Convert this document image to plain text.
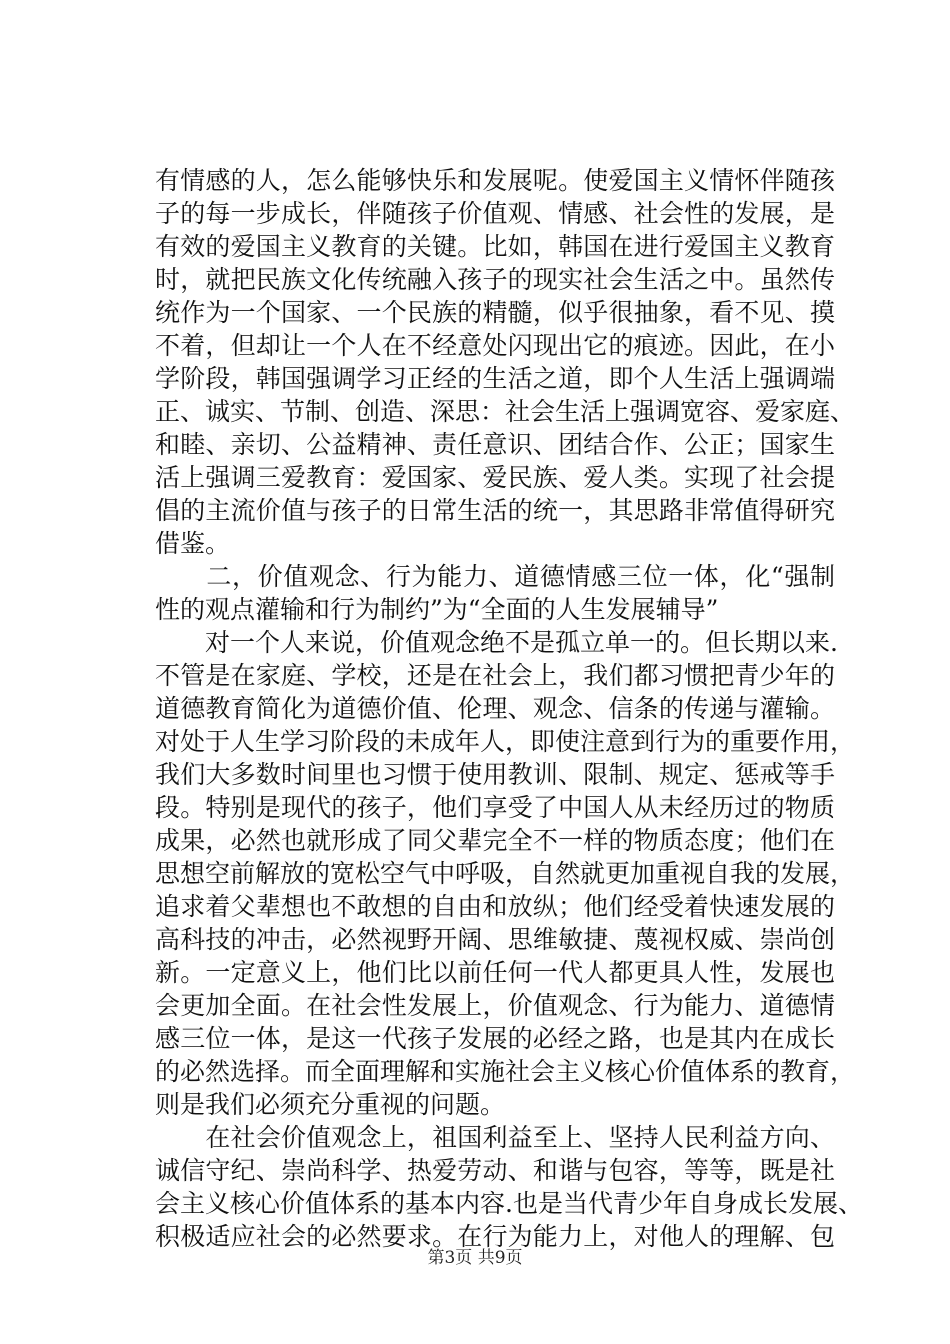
有情感的人，怎么能够快乐和发展呢。使爱国主义情怀伴随孩
子的每一步成长，伴随孩子价值观、情感、社会性的发展，是
有效的爱国主义教育的关键。比如，韩国在进行爱国主义教育
时，就把民族文化传统融入孩子的现实社会生活之中。虽然传
统作为一个国家、一个民族的精髓，似乎很抽象，看不见、摸
不着，但却让一个人在不经意处闪现出它的痕迹。因此，在小
学阶段，韩国强调学习正经的生活之道，即个人生活上强调端
正、诚实、节制、创造、深思：社会生活上强调宽容、爱家庭、
和睦、亲切、公益精神、责任意识、团结合作、公正；国家生
活上强调三爱教育：爱国家、爱民族、爱人类。实现了社会提
倡的主流价值与孩子的日常生活的统一，其思路非常值得研究
借鉴。
　　二，价值观念、行为能力、道德情感三位一体，化“强制
性的观点灌输和行为制约”为“全面的人生发展辅导”
　　对一个人来说，价值观念绝不是孤立单一的。但长期以来.
不管是在家庭、学校，还是在社会上，我们都习惯把青少年的
道德教育简化为道德价值、伦理、观念、信条的传递与灌输。
对处于人生学习阶段的未成年人，即使注意到行为的重要作用，
我们大多数时间里也习惯于使用教训、限制、规定、惩戒等手
段。特别是现代的孩子，他们享受了中国人从未经历过的物质
成果，必然也就形成了同父辈完全不一样的物质态度；他们在
思想空前解放的宽松空气中呼吸，自然就更加重视自我的发展，
追求着父辈想也不敢想的自由和放纵；他们经受着快速发展的
高科技的冲击，必然视野开阔、思维敏捷、蔑视权威、崇尚创
新。一定意义上，他们比以前任何一代人都更具人性，发展也
会更加全面。在社会性发展上，价值观念、行为能力、道德情
感三位一体，是这一代孩子发展的必经之路，也是其内在成长
的必然选择。而全面理解和实施社会主义核心价值体系的教育，
则是我们必须充分重视的问题。
　　在社会价值观念上，祖国利益至上、坚持人民利益方向、
诚信守纪、崇尚科学、热爱劳动、和谐与包容，等等，既是社
会主义核心价值体系的基本内容.也是当代青少年自身成长发展、
积极适应社会的必然要求。在行为能力上，对他人的理解、包
第3页 共9页
